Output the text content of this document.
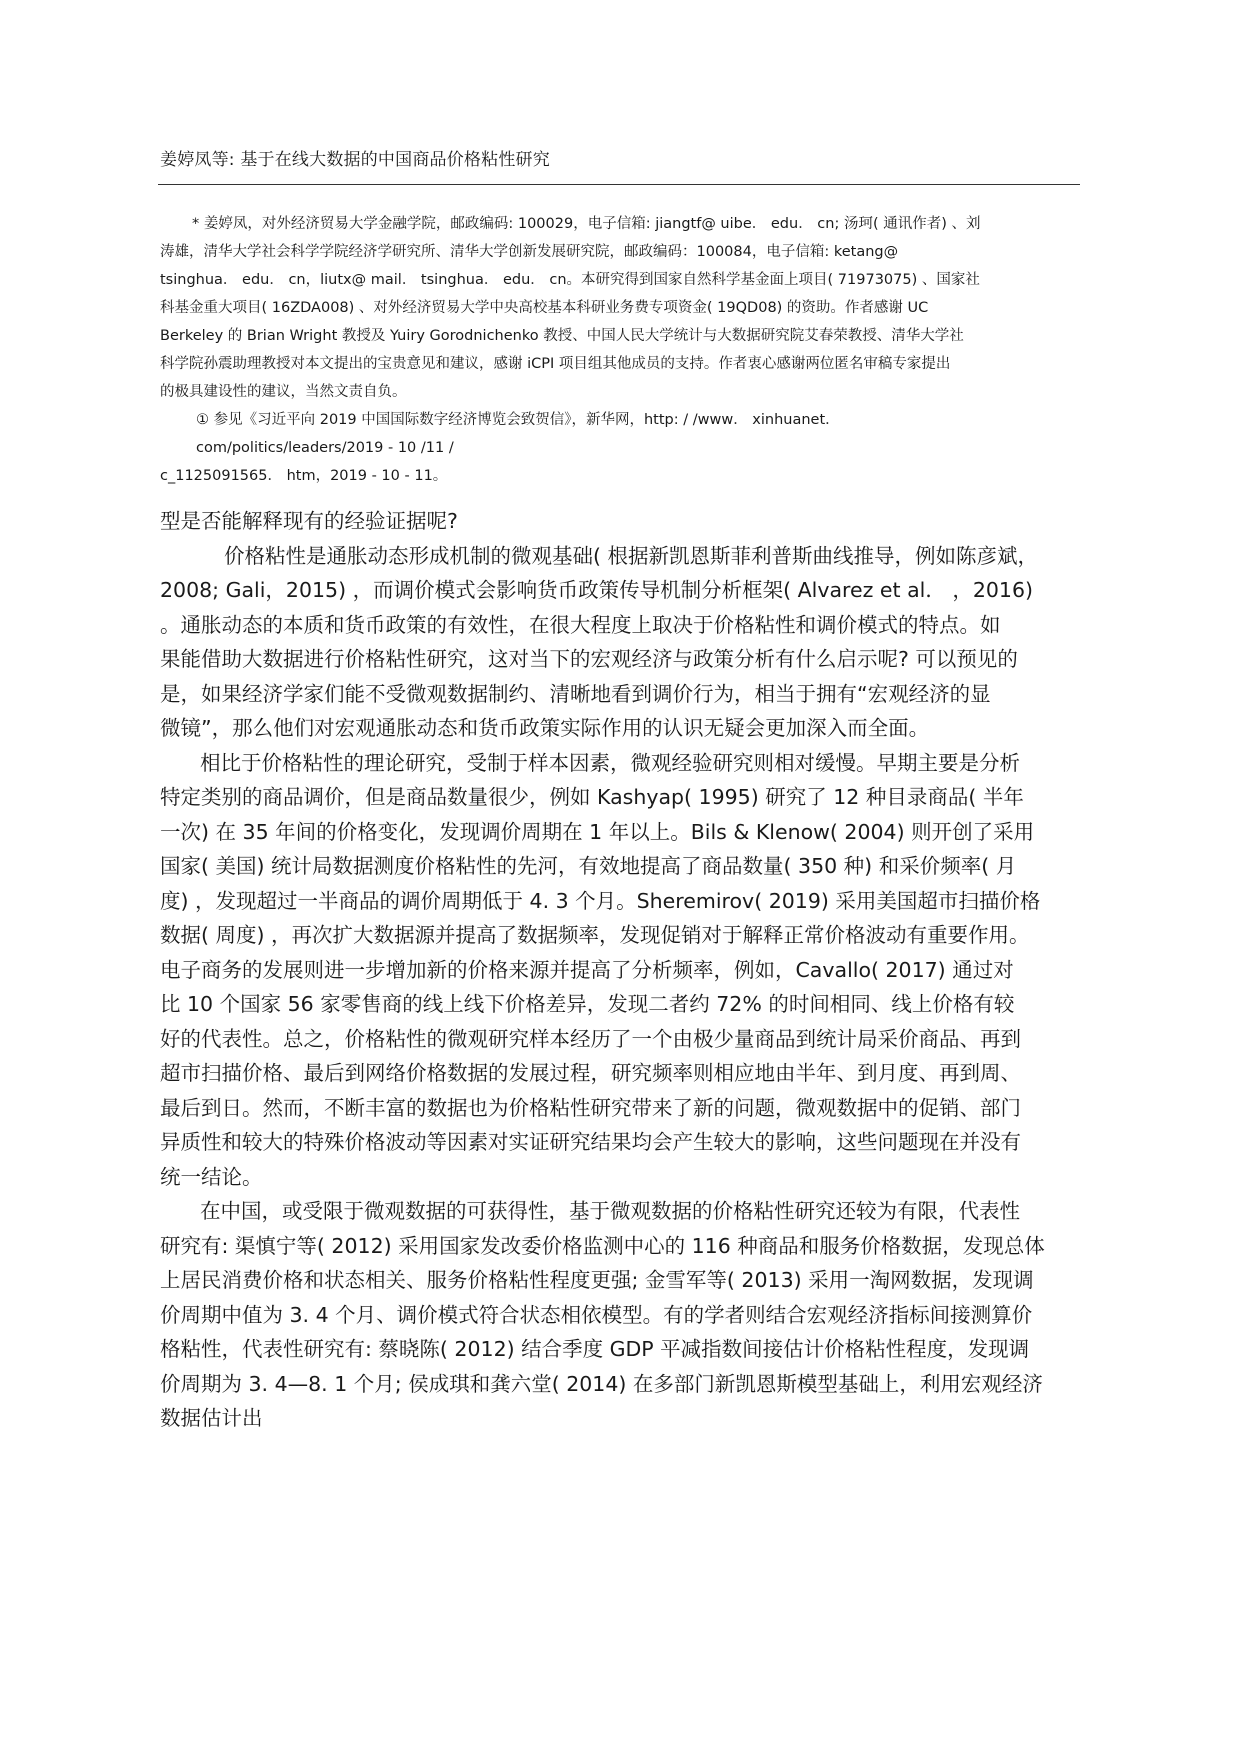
姜婷凤等: 基于在线大数据的中国商品价格粘性研究

* 姜婷凤，对外经济贸易大学金融学院，邮政编码: 100029，电子信箱: jiangtf@ uibe． edu． cn; 汤珂( 通讯作者) 、刘

涛雄，清华大学社会科学学院经济学研究所、清华大学创新发展研究院，邮政编码：100084，电子信箱: ketang@

tsinghua． edu． cn，liutx@ mail． tsinghua． edu． cn。本研究得到国家自然科学基金面上项目( 71973075) 、国家社

科基金重大项目( 16ZDA008) 、对外经济贸易大学中央高校基本科研业务费专项资金( 19QD08) 的资助。作者感谢 UC

Berkeley 的 Brian Wright 教授及 Yuiry Gorodnichenko 教授、中国人民大学统计与大数据研究院艾春荣教授、清华大学社

科学院孙震助理教授对本文提出的宝贵意见和建议，感谢 iCPI 项目组其他成员的支持。作者衷心感谢两位匿名审稿专家提出

的极具建设性的建议，当然文责自负。

① 参见《习近平向 2019 中国国际数字经济博览会致贺信》，新华网，http: / /www． xinhuanet．

com/politics/leaders/2019 - 10 /11 /

c_1125091565． htm，2019 - 10 - 11。

型是否能解释现有的经验证据呢?

价格粘性是通胀动态形成机制的微观基础( 根据新凯恩斯菲利普斯曲线推导，例如陈彦斌，

2008; Gali，2015) ，而调价模式会影响货币政策传导机制分析框架( Alvarez et al． ，2016)

。通胀动态的本质和货币政策的有效性，在很大程度上取决于价格粘性和调价模式的特点。如

果能借助大数据进行价格粘性研究，这对当下的宏观经济与政策分析有什么启示呢? 可以预见的

是，如果经济学家们能不受微观数据制约、清晰地看到调价行为，相当于拥有“宏观经济的显

微镜”，那么他们对宏观通胀动态和货币政策实际作用的认识无疑会更加深入而全面。

相比于价格粘性的理论研究，受制于样本因素，微观经验研究则相对缓慢。早期主要是分析

特定类别的商品调价，但是商品数量很少，例如 Kashyap( 1995) 研究了 12 种目录商品( 半年

一次) 在 35 年间的价格变化，发现调价周期在 1 年以上。Bils & Klenow( 2004) 则开创了采用

国家( 美国) 统计局数据测度价格粘性的先河，有效地提高了商品数量( 350 种) 和采价频率( 月

度) ，发现超过一半商品的调价周期低于 4. 3 个月。Sheremirov( 2019) 采用美国超市扫描价格

数据( 周度) ，再次扩大数据源并提高了数据频率，发现促销对于解释正常价格波动有重要作用。

电子商务的发展则进一步增加新的价格来源并提高了分析频率，例如，Cavallo( 2017) 通过对

比 10 个国家 56 家零售商的线上线下价格差异，发现二者约 72% 的时间相同、线上价格有较

好的代表性。总之，价格粘性的微观研究样本经历了一个由极少量商品到统计局采价商品、再到

超市扫描价格、最后到网络价格数据的发展过程，研究频率则相应地由半年、到月度、再到周、

最后到日。然而，不断丰富的数据也为价格粘性研究带来了新的问题，微观数据中的促销、部门

异质性和较大的特殊价格波动等因素对实证研究结果均会产生较大的影响，这些问题现在并没有

统一结论。

在中国，或受限于微观数据的可获得性，基于微观数据的价格粘性研究还较为有限，代表性

研究有: 渠慎宁等( 2012) 采用国家发改委价格监测中心的 116 种商品和服务价格数据，发现总体

上居民消费价格和状态相关、服务价格粘性程度更强; 金雪军等( 2013) 采用一淘网数据，发现调

价周期中值为 3. 4 个月、调价模式符合状态相依模型。有的学者则结合宏观经济指标间接测算价

格粘性，代表性研究有: 蔡晓陈( 2012) 结合季度 GDP 平减指数间接估计价格粘性程度，发现调

价周期为 3. 4—8. 1 个月; 侯成琪和龚六堂( 2014) 在多部门新凯恩斯模型基础上，利用宏观经济

数据估计出
